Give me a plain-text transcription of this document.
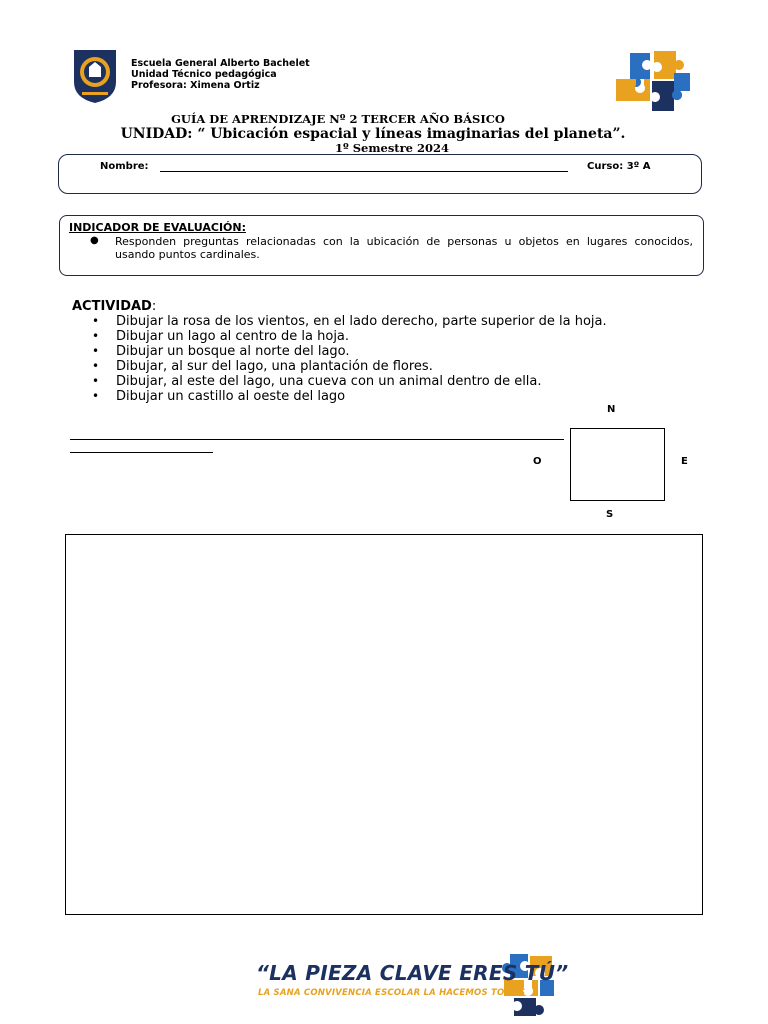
Escuela General Alberto Bachelet
Unidad Técnico pedagógica
Profesora: Ximena Ortiz
GUÍA DE APRENDIZAJE Nº 2 TERCER AÑO BÁSICO
UNIDAD: “ Ubicación espacial y líneas imaginarias del planeta”.
1º Semestre 2024
Nombre:	Curso: 3º A
INDICADOR DE EVALUACIÓN:
● Responden preguntas relacionadas con la ubicación de personas u objetos en lugares conocidos, usando puntos cardinales.
ACTIVIDAD:
• Dibujar la rosa de los vientos, en el lado derecho, parte superior de la hoja.
• Dibujar un lago al centro de la hoja.
• Dibujar un bosque al norte del lago.
• Dibujar, al sur del lago, una plantación de flores.
• Dibujar, al este del lago, una cueva con un animal dentro de ella.
• Dibujar un castillo al oeste del lago
N
O	E
S
“LA PIEZA CLAVE ERES TÚ”
LA SANA CONVIVENCIA ESCOLAR LA HACEMOS TODOS
